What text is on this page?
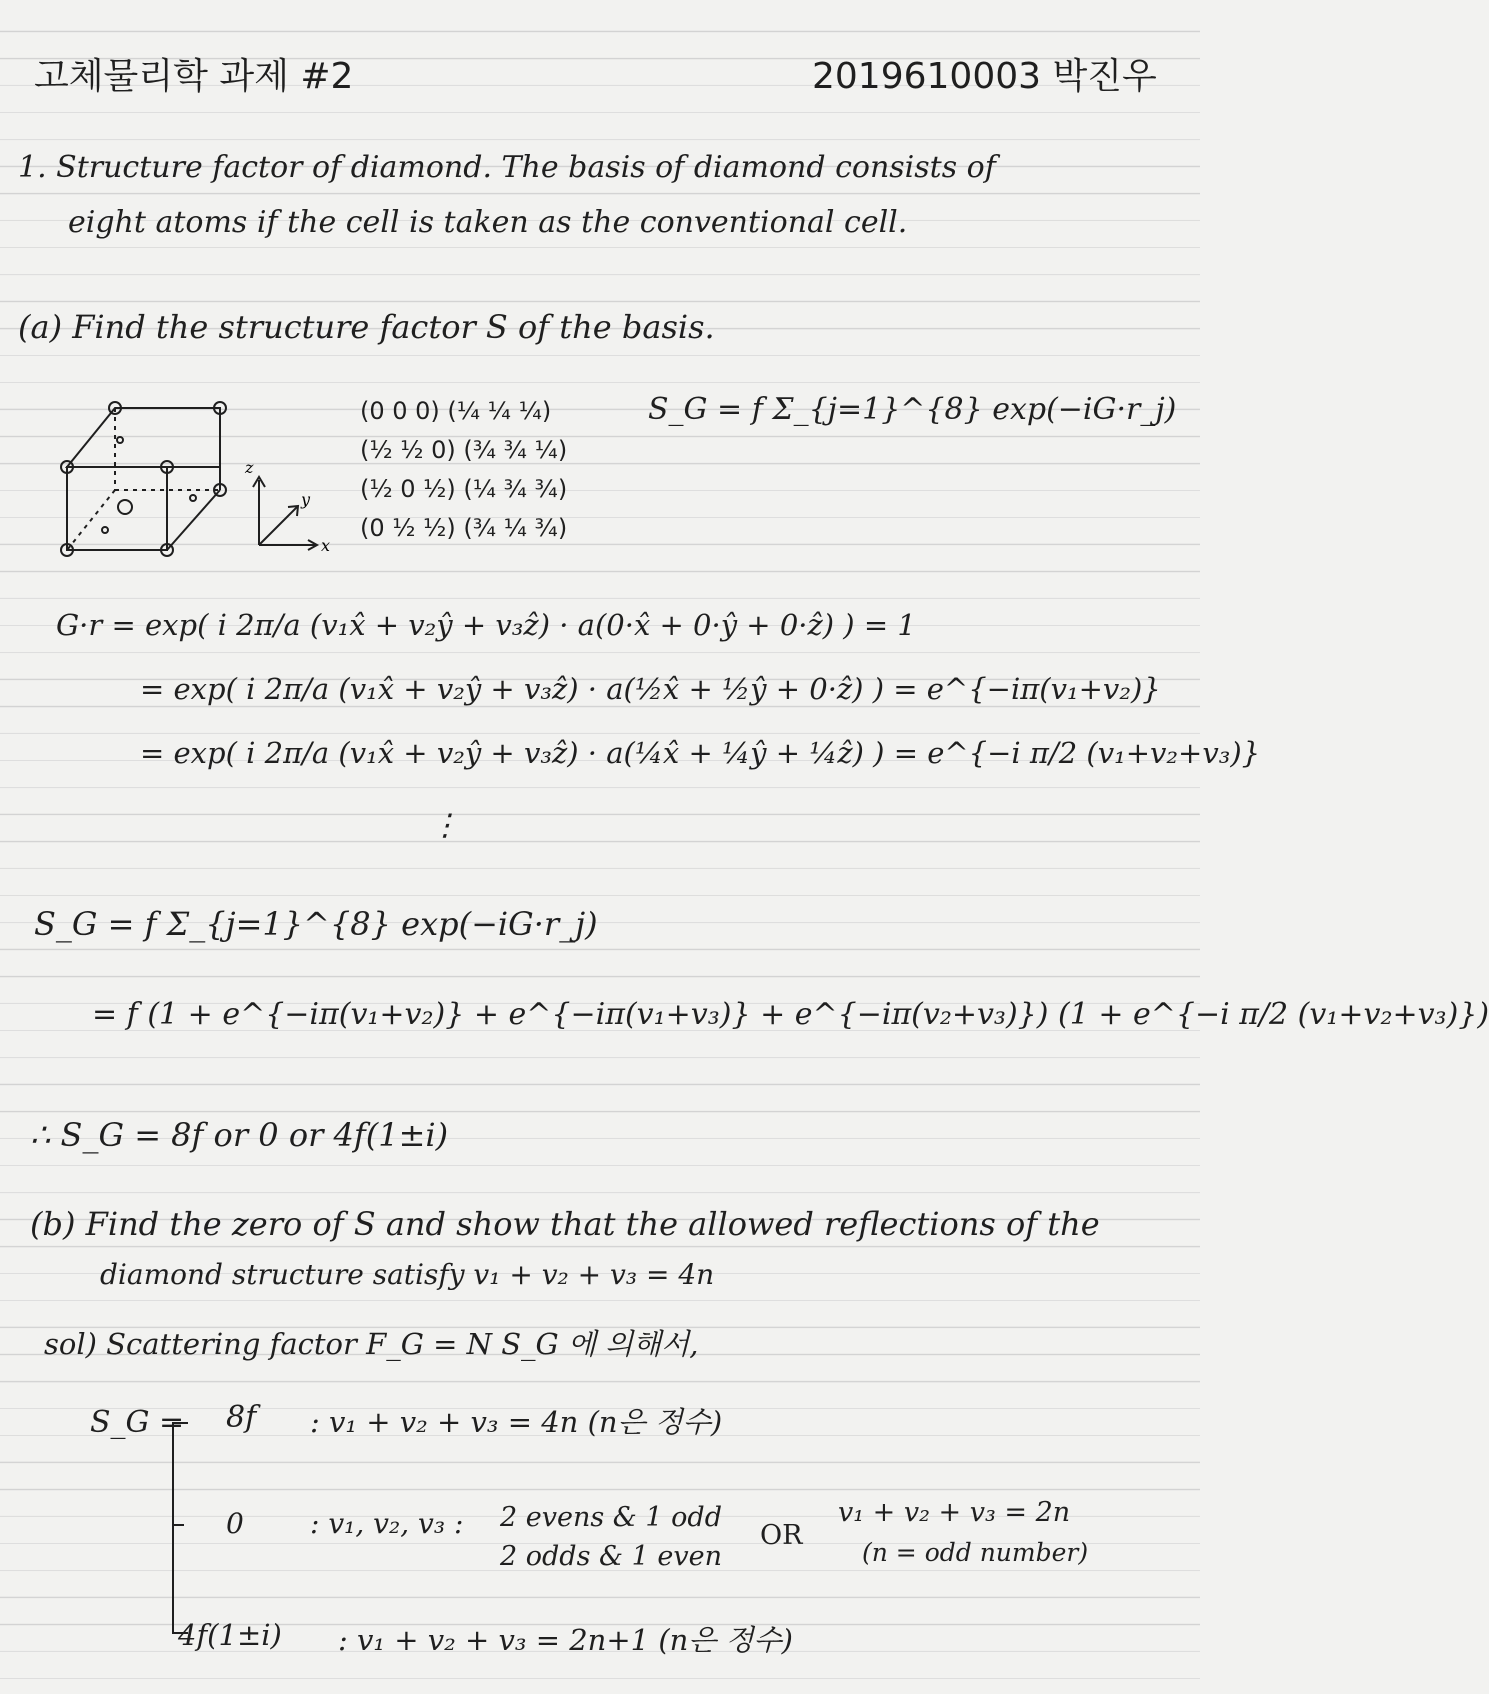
고체물리학 과제 #2	2019610003 박진우
1. Structure factor of diamond. The basis of diamond consists of
eight atoms if the cell is taken as the conventional cell.
(a) Find the structure factor S of the basis.
z
y
x
(0 0 0) (¼ ¼ ¼)
(½ ½ 0) (¾ ¾ ¼)
(½ 0 ½) (¼ ¾ ¾)
(0 ½ ½) (¾ ¼ ¾)
S_G = f Σ_{j=1}^{8} exp(−iG·r_j)
G·r = exp( i 2π/a (v₁x̂ + v₂ŷ + v₃ẑ) · a(0·x̂ + 0·ŷ + 0·ẑ) ) = 1
= exp( i 2π/a (v₁x̂ + v₂ŷ + v₃ẑ) · a(½x̂ + ½ŷ + 0·ẑ) ) = e^{−iπ(v₁+v₂)}
= exp( i 2π/a (v₁x̂ + v₂ŷ + v₃ẑ) · a(¼x̂ + ¼ŷ + ¼ẑ) ) = e^{−i π/2 (v₁+v₂+v₃)}
⋮
S_G = f Σ_{j=1}^{8} exp(−iG·r_j)
= f (1 + e^{−iπ(v₁+v₂)} + e^{−iπ(v₁+v₃)} + e^{−iπ(v₂+v₃)}) (1 + e^{−i π/2 (v₁+v₂+v₃)})
∴ S_G = 8f or 0 or 4f(1±i)
(b) Find the zero of S and show that the allowed reflections of the
diamond structure satisfy v₁ + v₂ + v₃ = 4n
sol) Scattering factor F_G = N S_G 에 의해서,
S_G = 8f : v₁ + v₂ + v₃ = 4n (n은 정수)
0 : v₁, v₂, v₃ : 2 evens & 1 odd
2 odds & 1 even
OR
v₁ + v₂ + v₃ = 2n
(n = odd number)
4f(1±i) : v₁ + v₂ + v₃ = 2n+1 (n은 정수)
